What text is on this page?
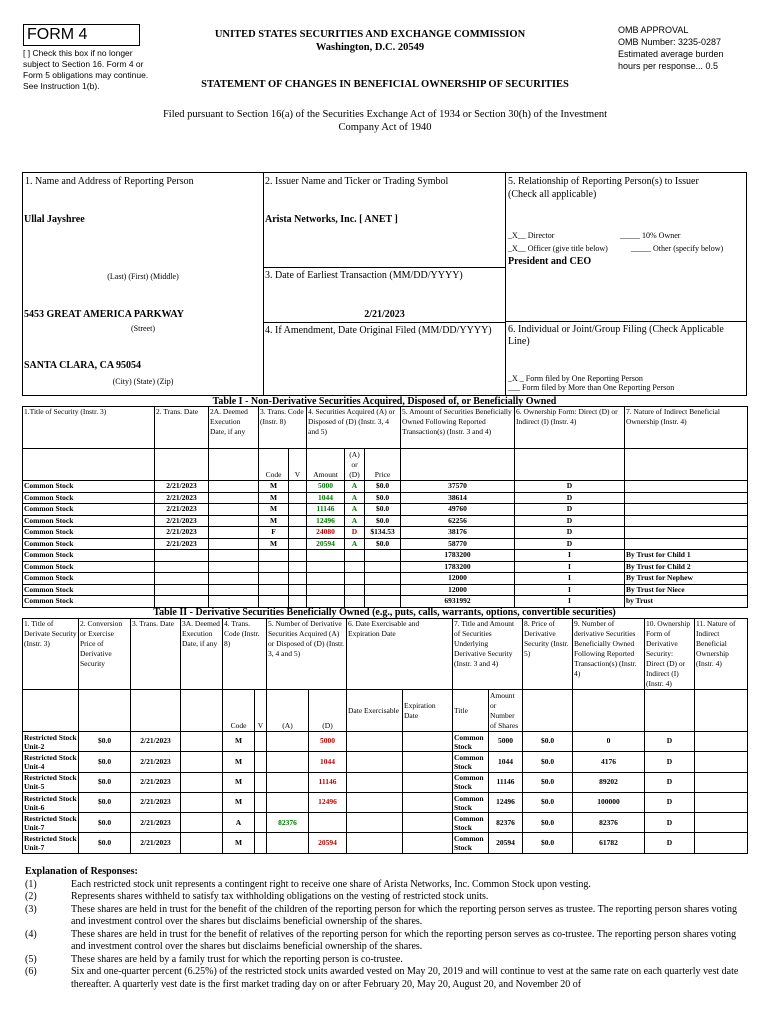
FORM 4
[ ] Check this box if no longer subject to Section 16. Form 4 or Form 5 obligations may continue. See Instruction 1(b).
UNITED STATES SECURITIES AND EXCHANGE COMMISSION
Washington, D.C. 20549
OMB APPROVAL
OMB Number: 3235-0287
Estimated average burden
hours per response... 0.5
STATEMENT OF CHANGES IN BENEFICIAL OWNERSHIP OF SECURITIES
Filed pursuant to Section 16(a) of the Securities Exchange Act of 1934 or Section 30(h) of the Investment Company Act of 1940
1. Name and Address of Reporting Person
Ullal Jayshree
(Last) (First) (Middle)
5453 GREAT AMERICA PARKWAY
(Street)
SANTA CLARA, CA 95054
(City) (State) (Zip)
2. Issuer Name and Ticker or Trading Symbol
Arista Networks, Inc. [ ANET ]
3. Date of Earliest Transaction (MM/DD/YYYY)
2/21/2023
4. If Amendment, Date Original Filed (MM/DD/YYYY)
5. Relationship of Reporting Person(s) to Issuer
(Check all applicable)
_X__ Director	_____ 10% Owner
_X__ Officer (give title below)	_____ Other (specify below)
President and CEO
6. Individual or Joint/Group Filing (Check Applicable Line)
_X _ Form filed by One Reporting Person
___ Form filed by More than One Reporting Person
Table I - Non-Derivative Securities Acquired, Disposed of, or Beneficially Owned
1.Title of Security (Instr. 3)	2. Trans. Date	2A. Deemed Execution Date, if any	3. Trans. Code (Instr. 8)		4. Securities Acquired (A) or Disposed of (D) (Instr. 3, 4 and 5)			5. Amount of Securities Beneficially Owned Following Reported Transaction(s) (Instr. 3 and 4)	6. Ownership Form: Direct (D) or Indirect (I) (Instr. 4)	7. Nature of Indirect Beneficial Ownership (Instr. 4)
			Code	V	Amount	(A) or (D)	Price			
Common Stock	2/21/2023		M		5000	A	$0.0	37570	D	
Common Stock	2/21/2023		M		1044	A	$0.0	38614	D	
Common Stock	2/21/2023		M		11146	A	$0.0	49760	D	
Common Stock	2/21/2023		M		12496	A	$0.0	62256	D	
Common Stock	2/21/2023		F		24080	D	$134.53	38176	D	
Common Stock	2/21/2023		M		20594	A	$0.0	58770	D	
Common Stock								1783200	I	By Trust for Child 1
Common Stock								1783200	I	By Trust for Child 2
Common Stock								12000	I	By Trust for Nephew
Common Stock								12000	I	By Trust for Niece
Common Stock								6931992	I	by Trust
Table II - Derivative Securities Beneficially Owned (e.g., puts, calls, warrants, options, convertible securities)
1. Title of Derivate Security (Instr. 3)	2. Conversion or Exercise Price of Derivative Security	3. Trans. Date	3A. Deemed Execution Date, if any	4. Trans. Code (Instr. 8)		5. Number of Derivative Securities Acquired (A) or Disposed of (D) (Instr. 3, 4 and 5)		6. Date Exercisable and Expiration Date		7. Title and Amount of Securities Underlying Derivative Security (Instr. 3 and 4)		8. Price of Derivative Security (Instr. 5)	9. Number of derivative Securities Beneficially Owned Following Reported Transaction(s) (Instr. 4)	10. Ownership Form of Derivative Security: Direct (D) or Indirect (I) (Instr. 4)	11. Nature of Indirect Beneficial Ownership (Instr. 4)
				Code	V	(A)	(D)	Date Exercisable	Expiration Date	Title	Amount or Number of Shares				
Restricted Stock Unit-2	$0.0	2/21/2023		M			5000			Common Stock	5000	$0.0	0	D	
Restricted Stock Unit-4	$0.0	2/21/2023		M			1044			Common Stock	1044	$0.0	4176	D	
Restricted Stock Unit-5	$0.0	2/21/2023		M			11146			Common Stock	11146	$0.0	89202	D	
Restricted Stock Unit-6	$0.0	2/21/2023		M			12496			Common Stock	12496	$0.0	100000	D	
Restricted Stock Unit-7	$0.0	2/21/2023		A		82376				Common Stock	82376	$0.0	82376	D	
Restricted Stock Unit-7	$0.0	2/21/2023		M			20594			Common Stock	20594	$0.0	61782	D	
Explanation of Responses:
(1)	Each restricted stock unit represents a contingent right to receive one share of Arista Networks, Inc. Common Stock upon vesting.
(2)	Represents shares withheld to satisfy tax withholding obligations on the vesting of restricted stock units.
(3)	These shares are held in trust for the benefit of the children of the reporting person for which the reporting person serves as trustee. The reporting person shares voting and investment control over the shares but disclaims beneficial ownership of the shares.
(4)	These shares are held in trust for the benefit of relatives of the reporting person for which the reporting person serves as co-trustee. The reporting person shares voting and investment control over the shares but disclaims beneficial ownership of the shares.
(5)	These shares are held by a family trust for which the reporting person is co-trustee.
(6)	Six and one-quarter percent (6.25%) of the restricted stock units awarded vested on May 20, 2019 and will continue to vest at the same rate on each quarterly vest date thereafter. A quarterly vest date is the first market trading day on or after February 20, May 20, August 20, and November 20 of
